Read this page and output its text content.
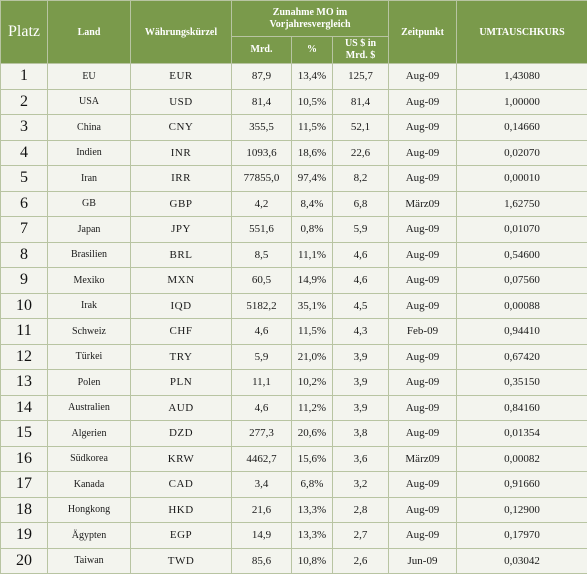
Platz	Land	Währungskürzel	Zunahme MO im Vorjahresvergleich			Zeitpunkt	UMTAUSCHKURS
			Mrd.	%	US $ in Mrd. $		
1	EU	EUR	87,9	13,4%	125,7	Aug-09	1,43080
2	USA	USD	81,4	10,5%	81,4	Aug-09	1,00000
3	China	CNY	355,5	11,5%	52,1	Aug-09	0,14660
4	Indien	INR	1093,6	18,6%	22,6	Aug-09	0,02070
5	Iran	IRR	77855,0	97,4%	8,2	Aug-09	0,00010
6	GB	GBP	4,2	8,4%	6,8	März09	1,62750
7	Japan	JPY	551,6	0,8%	5,9	Aug-09	0,01070
8	Brasilien	BRL	8,5	11,1%	4,6	Aug-09	0,54600
9	Mexiko	MXN	60,5	14,9%	4,6	Aug-09	0,07560
10	Irak	IQD	5182,2	35,1%	4,5	Aug-09	0,00088
11	Schweiz	CHF	4,6	11,5%	4,3	Feb-09	0,94410
12	Türkei	TRY	5,9	21,0%	3,9	Aug-09	0,67420
13	Polen	PLN	11,1	10,2%	3,9	Aug-09	0,35150
14	Australien	AUD	4,6	11,2%	3,9	Aug-09	0,84160
15	Algerien	DZD	277,3	20,6%	3,8	Aug-09	0,01354
16	Südkorea	KRW	4462,7	15,6%	3,6	März09	0,00082
17	Kanada	CAD	3,4	6,8%	3,2	Aug-09	0,91660
18	Hongkong	HKD	21,6	13,3%	2,8	Aug-09	0,12900
19	Ägypten	EGP	14,9	13,3%	2,7	Aug-09	0,17970
20	Taiwan	TWD	85,6	10,8%	2,6	Jun-09	0,03042
